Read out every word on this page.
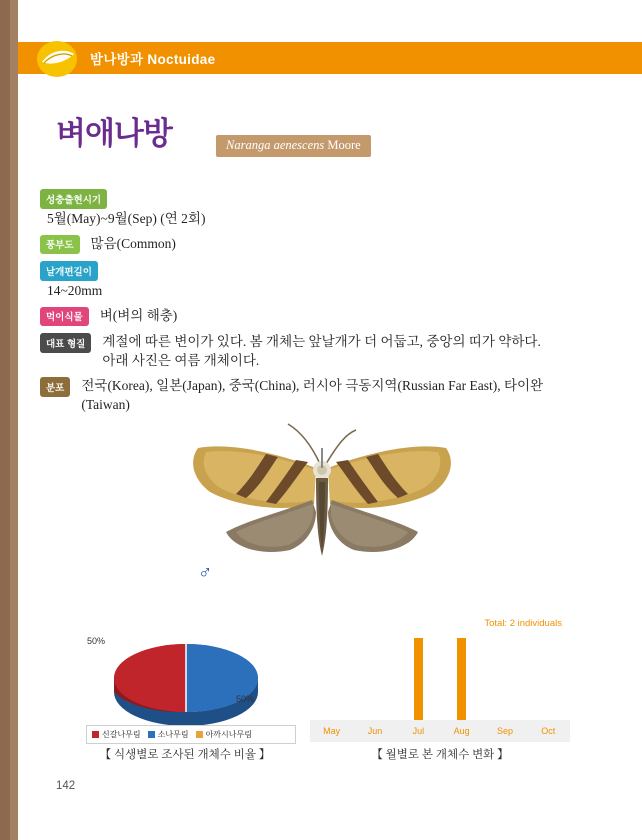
밤나방과 Noctuidae
벼애나방	Naranga aenescens Moore
성충출현시기 5월(May)~9월(Sep) (연 2회)
풍부도 많음(Common)
날개편길이 14~20mm
먹이식물 벼(벼의 해충)
대표 형질 계절에 따른 변이가 있다. 봄 개체는 앞날개가 더 어둡고, 중앙의 띠가 약하다.
아래 사진은 여름 개체이다.
분포 전국(Korea), 일본(Japan), 중국(China), 러시아 극동지역(Russian Far East), 타이완
(Taiwan)
♂
50%
50%
신갈나무림 소나무림 아까시나무림
【 식생별로 조사된 개체수 비율 】
Total: 2 individuals
May	Jun	Jul	Aug	Sep	Oct
【 월별로 본 개체수 변화 】
142
